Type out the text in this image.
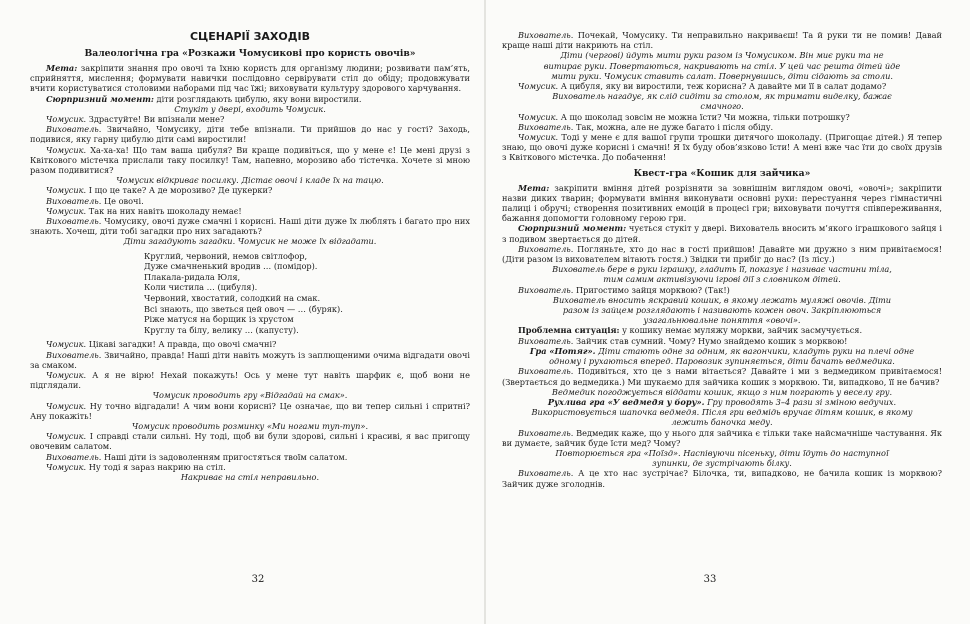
СЦЕНАРІЇ ЗАХОДІВ
Валеологічна гра «Розкажи Чомусикові про користь овочів»

Мета: закріпити знання про овочі та їхню користь для організму людини; розвивати пам’ять, сприйняття, мислення; формувати навички послідовно сервірувати стіл до обіду; продовжувати вчити користуватися столовими наборами під час їжі; виховувати культуру здорового харчування.

Сюрпризний момент: діти розглядають цибулю, яку вони виростили.

Стукіт у двері, входить Чомусик.

Чомусик. Здрастуйте! Ви впізнали мене?

Вихователь. Звичайно, Чомусику, діти тебе впізнали. Ти прийшов до нас у гості? Заходь, подивися, яку гарну цибулю діти самі виростили!

Чомусик. Ха-ха-ха! Що там ваша цибуля? Ви краще подивіться, що у мене є! Це мені друзі з Квіткового містечка прислали таку посилку! Там, напевно, морозиво або тістечка. Хочете зі мною разом подивитися?

Чомусик відкриває посилку. Дістає овочі і кладе їх на тацю.

Чомусик. І що це таке? А де морозиво? Де цукерки?

Вихователь. Це овочі.

Чомусик. Так на них навіть шоколаду немає!

Вихователь. Чомусику, овочі дуже смачні і корисні. Наші діти дуже їх люблять і багато про них знають. Хочеш, діти тобі загадки про них загадають?

Діти загадують загадки. Чомусик не може їх відгадати.

Круглий, червоний, немов світлофор,
Дуже смачненький вродив … (помідор).
Плакала-ридала Юля,
Коли чистила … (цибуля).
Червоний, хвостатий, солодкий на смак.
Всі знають, що зветься цей овоч — … (буряк).
Ріже матуся на борщик із хрустом
Круглу та білу, велику … (капусту).

Чомусик. Цікаві загадки! А правда, що овочі смачні?

Вихователь. Звичайно, правда! Наші діти навіть можуть із заплющеними очима відгадати овочі за смаком.

Чомусик. А я не вірю! Нехай покажуть! Ось у мене тут навіть шарфик є, щоб вони не підглядали.

Чомусик проводить гру «Відгадай на смак».

Чомусик. Ну точно відгадали! А чим вони корисні? Це означає, що ви тепер сильні і спритні? Ану покажіть!

Чомусик проводить розминку «Ми ногами туп-туп».

Чомусик. І справді стали сильні. Ну тоді, щоб ви були здорові, сильні і красиві, я вас пригощу овочевим салатом.

Вихователь. Наші діти із задоволенням пригостяться твоїм салатом.

Чомусик. Ну тоді я зараз накрию на стіл.

Накриває на стіл неправильно.

32

Вихователь. Почекай, Чомусику. Ти неправильно накриваєш! Та й руки ти не помив! Давай краще наші діти накриють на стіл.

Діти (черговi) йдуть мити руки разом із Чомусиком. Він миє руки та не витирає руки. Повертаються, накривають на стіл. У цей час решта дітей йде мити руки. Чомусик ставить салат. Повернувшись, діти сідають за столи.

Чомусик. А цибуля, яку ви виростили, теж корисна? А давайте ми її в салат додамо?

Вихователь нагадує, як слід сидіти за столом, як тримати виделку, бажає смачного.

Чомусик. А що шоколад зовсім не можна їсти? Чи можна, тільки потрошку?

Вихователь. Так, можна, але не дуже багато і після обіду.

Чомусик. Тоді у мене є для вашої групи трошки дитячого шоколаду. (Пригощає дітей.) Я тепер знаю, що овочі дуже корисні і смачні! Я їх буду обов’язково їсти! А мені вже час їти до своїх друзів з Квіткового містечка. До побачення!

Квест-гра «Кошик для зайчика»

Мета: закріпити вміння дітей розрізняти за зовнішнім виглядом овочі, «овочі»; закріпити назви диких тварин; формувати вміння виконувати основні рухи: перестуання через гімнастичні палиці і обручі; створення позитивних емоцій в процесі гри; виховувати почуття співпереживання, бажання допомогти головному герою гри.

Сюрпризний момент: чується стукіт у двері. Вихователь вносить м’якого іграшкового зайця і з подивом звертається до дітей.

Вихователь. Погляньте, хто до нас в гості прийшов! Давайте ми дружно з ним привітаємося! (Діти разом із вихователем вітають гостя.) Звідки ти прибіг до нас? (Із лісу.)

Вихователь бере в руки іграшку, гладить її, показує і називає частини тіла, тим самим активізуючи ігрові дії з словником дітей.

Вихователь. Пригостимо зайця морквою? (Так!)

Вихователь вносить яскравий кошик, в якому лежать муляжі овочів. Діти разом із зайцем розглядають і називають кожен овоч. Закріплюються узагальнювальне поняття «овочі».

Проблемна ситуація: у кошику немає муляжу моркви, зайчик засмучується.

Вихователь. Зайчик став сумний. Чому? Нумо знайдемо кошик з морквою!

Гра «Потяг». Діти стають одне за одним, як вагончики, кладуть руки на плечі одне одному і рухаються вперед. Паровозик зупиняється, діти бачать ведмедика.

Вихователь. Подивіться, хто це з нами вітається? Давайте і ми з ведмедиком привітаємося! (Звертається до ведмедика.) Ми шукаємо для зайчика кошик з морквою. Ти, випадково, її не бачив?

Ведмедик погоджується віддати кошик, якщо з ним пограють у веселу гру.

Рухлива гра «У ведмедя у бору». Гру проводять 3–4 рази зі зміною ведучих. Використовується шапочка ведмедя. Після гри ведмідь вручає дітям кошик, в якому лежить баночка меду.

Вихователь. Ведмедик каже, що у нього для зайчика є тільки таке найсмачніше частування. Як ви думаєте, зайчик буде їсти мед? Чому?

Повторюється гра «Поїзд». Наспівуючи пісеньку, діти їдуть до наступної зупинки, де зустрічають білку.

Вихователь. А це хто нас зустрічає? Білочка, ти, випадково, не бачила кошик із морквою? Зайчик дуже зголоднів.

33
